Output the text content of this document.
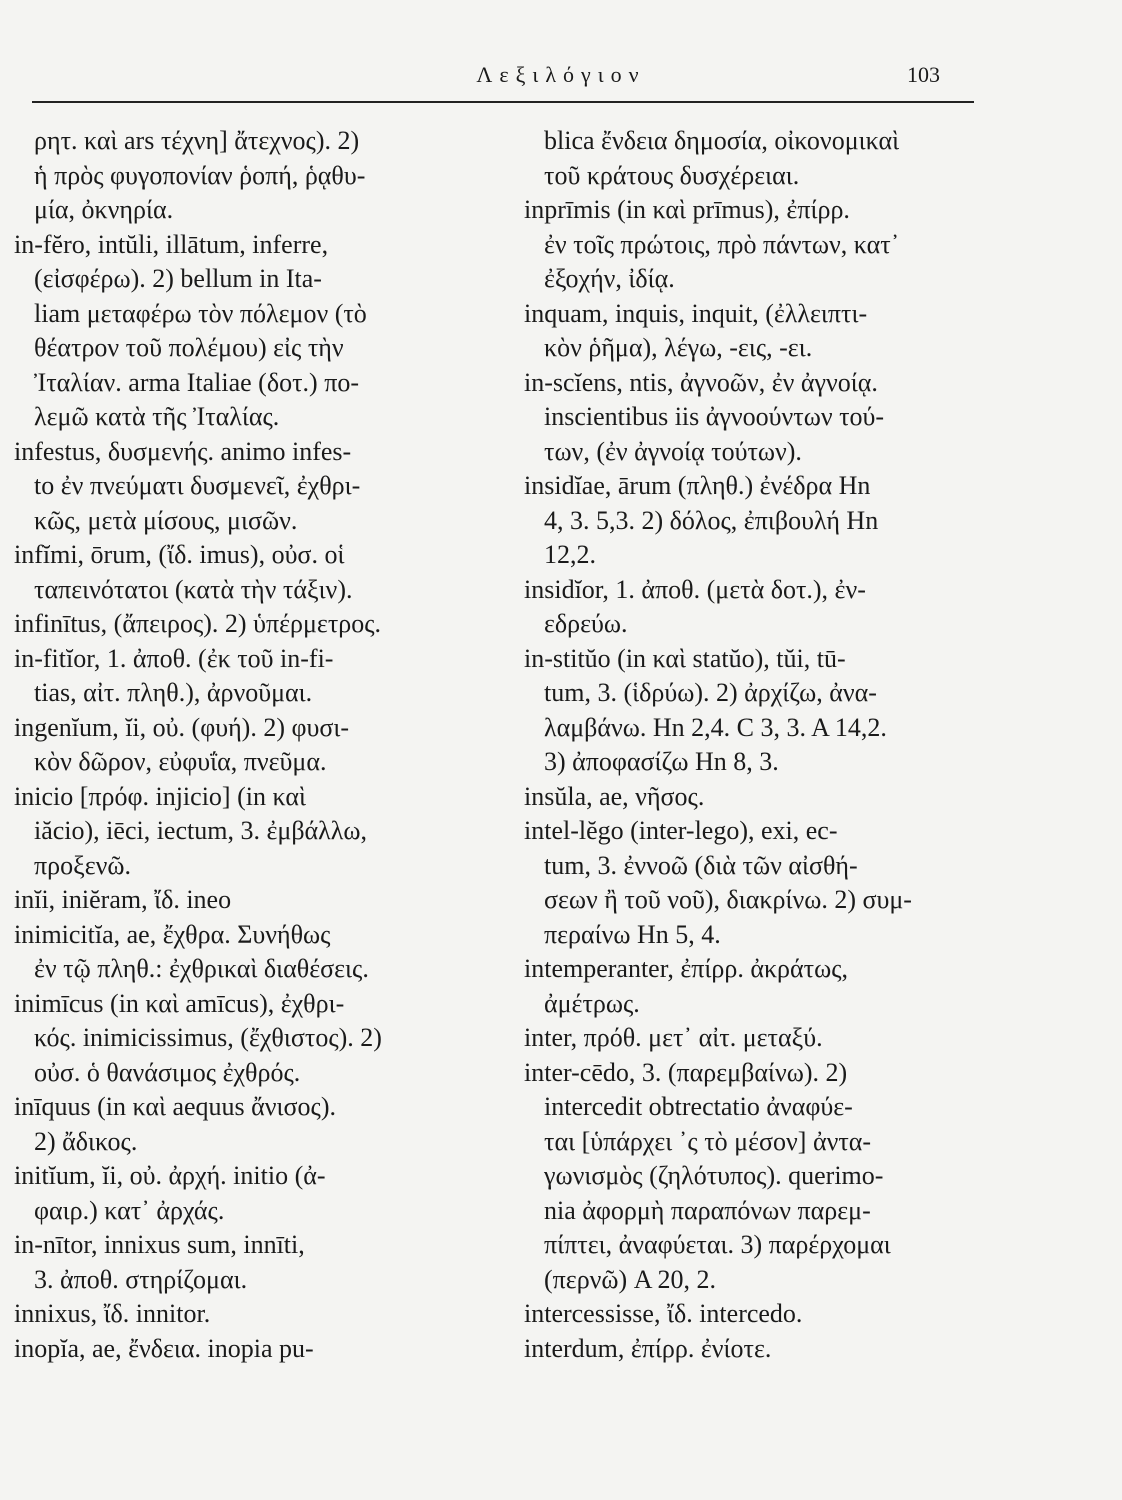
Λεξιλόγιον	103
ρητ. καὶ ars τέχνη] ἄτεχνος). 2)
ἡ πρὸς φυγοπονίαν ῥοπή, ῥᾳθυ-
μία, ὀκνηρία.
in-fĕro, intŭli, illātum, inferre,
(εἰσφέρω). 2) bellum in Ita-
liam μεταφέρω τὸν πόλεμον (τὸ
θέατρον τοῦ πολέμου) εἰς τὴν
Ἰταλίαν. arma Italiae (δοτ.) πο-
λεμῶ κατὰ τῆς Ἰταλίας.
infestus, δυσμενής. animo infes-
to ἐν πνεύματι δυσμενεῖ, ἐχθρι-
κῶς, μετὰ μίσους, μισῶν.
infĭmi, ōrum, (ἴδ. imus), οὐσ. οἱ
ταπεινότατοι (κατὰ τὴν τάξιν).
infinītus, (ἄπειρος). 2) ὑπέρμετρος.
in-fitĭor, 1. ἀποθ. (ἐκ τοῦ in-fi-
tias, αἰτ. πληθ.), ἀρνοῦμαι.
ingenĭum, ĭi, οὐ. (φυή). 2) φυσι-
κὸν δῶρον, εὐφυΐα, πνεῦμα.
inicio [πρόφ. injicio] (in καὶ
iăcio), iēci, iectum, 3. ἐμβάλλω,
προξενῶ.
inĭi, iniĕram, ἴδ. ineo
inimicitĭa, ae, ἔχθρα. Συνήθως
ἐν τῷ πληθ.: ἐχθρικαὶ διαθέσεις.
inimīcus (in καὶ amīcus), ἐχθρι-
κός. inimicissimus, (ἔχθιστος). 2)
οὐσ. ὁ θανάσιμος ἐχθρός.
inīquus (in καὶ aequus ἄνισος).
2) ἄδικος.
initĭum, ĭi, οὐ. ἀρχή. initio (ἀ-
φαιρ.) κατ᾽ ἀρχάς.
in-nītor, innixus sum, innīti,
3. ἀποθ. στηρίζομαι.
innixus, ἴδ. innitor.
inopĭa, ae, ἔνδεια. inopia pu-
blica ἔνδεια δημοσία, οἰκονομικαὶ
τοῦ κράτους δυσχέρειαι.
inprīmis (in καὶ prīmus), ἐπίρρ.
ἐν τοῖς πρώτοις, πρὸ πάντων, κατ᾽
ἐξοχήν, ἰδίᾳ.
inquam, inquis, inquit, (ἐλλειπτι-
κὸν ῥῆμα), λέγω, -εις, -ει.
in-scĭens, ntis, ἀγνοῶν, ἐν ἀγνοίᾳ.
inscientibus iis ἀγνοούντων τού-
των, (ἐν ἀγνοίᾳ τούτων).
insidĭae, ārum (πληθ.) ἐνέδρα Hn
4, 3. 5,3. 2) δόλος, ἐπιβουλή Hn
12,2.
insidĭor, 1. ἀποθ. (μετὰ δοτ.), ἐν-
εδρεύω.
in-stitŭo (in καὶ statŭo), tŭi, tū-
tum, 3. (ἱδρύω). 2) ἀρχίζω, ἀνα-
λαμβάνω. Hn 2,4. C 3, 3. A 14,2.
3) ἀποφασίζω Hn 8, 3.
insŭla, ae, νῆσος.
intel-lĕgo (inter-lego), exi, ec-
tum, 3. ἐννοῶ (διὰ τῶν αἰσθή-
σεων ἢ τοῦ νοῦ), διακρίνω. 2) συμ-
περαίνω Hn 5, 4.
intemperanter, ἐπίρρ. ἀκράτως,
ἀμέτρως.
inter, πρόθ. μετ᾽ αἰτ. μεταξύ.
inter-cēdo, 3. (παρεμβαίνω). 2)
intercedit obtrectatio ἀναφύε-
ται [ὑπάρχει ᾽ς τὸ μέσον] ἀντα-
γωνισμὸς (ζηλότυπος). querimo-
nia ἀφορμὴ παραπόνων παρεμ-
πίπτει, ἀναφύεται. 3) παρέρχομαι
(περνῶ) A 20, 2.
intercessisse, ἴδ. intercedo.
interdum, ἐπίρρ. ἐνίοτε.
